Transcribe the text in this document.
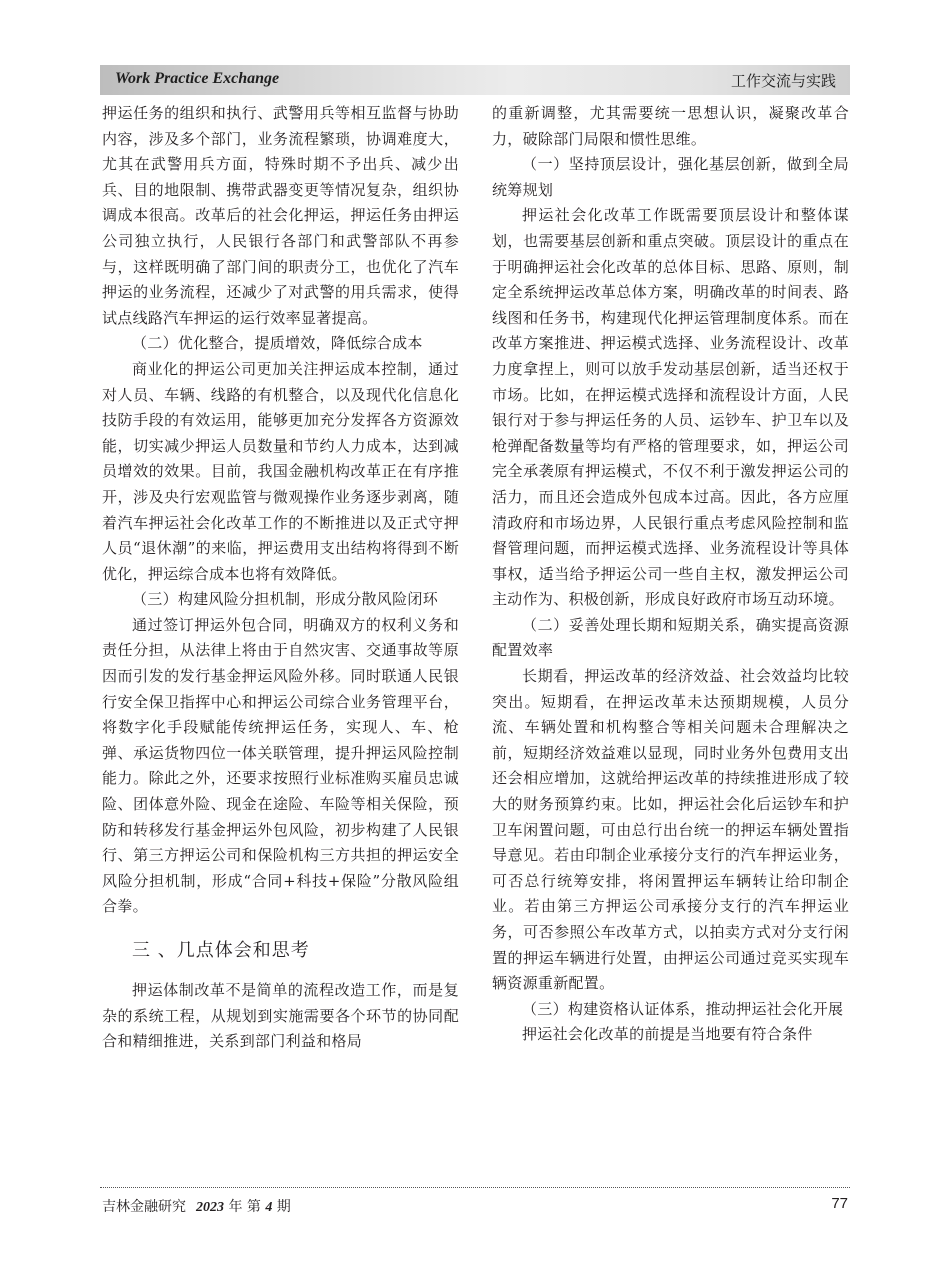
Work Practice Exchange	工作交流与实践

押运任务的组织和执行、武警用兵等相互监督与协助内容，涉及多个部门，业务流程繁琐，协调难度大，尤其在武警用兵方面，特殊时期不予出兵、减少出兵、目的地限制、携带武器变更等情况复杂，组织协调成本很高。改革后的社会化押运，押运任务由押运公司独立执行，人民银行各部门和武警部队不再参与，这样既明确了部门间的职责分工，也优化了汽车押运的业务流程，还减少了对武警的用兵需求，使得试点线路汽车押运的运行效率显著提高。

（二）优化整合，提质增效，降低综合成本

商业化的押运公司更加关注押运成本控制，通过对人员、车辆、线路的有机整合，以及现代化信息化技防手段的有效运用，能够更加充分发挥各方资源效能，切实减少押运人员数量和节约人力成本，达到减员增效的效果。目前，我国金融机构改革正在有序推开，涉及央行宏观监管与微观操作业务逐步剥离，随着汽车押运社会化改革工作的不断推进以及正式守押人员“退休潮”的来临，押运费用支出结构将得到不断优化，押运综合成本也将有效降低。

（三）构建风险分担机制，形成分散风险闭环

通过签订押运外包合同，明确双方的权利义务和责任分担，从法律上将由于自然灾害、交通事故等原因而引发的发行基金押运风险外移。同时联通人民银行安全保卫指挥中心和押运公司综合业务管理平台，将数字化手段赋能传统押运任务，实现人、车、枪弹、承运货物四位一体关联管理，提升押运风险控制能力。除此之外，还要求按照行业标准购买雇员忠诚险、团体意外险、现金在途险、车险等相关保险，预防和转移发行基金押运外包风险，初步构建了人民银行、第三方押运公司和保险机构三方共担的押运安全风险分担机制，形成“合同+科技+保险”分散风险组合拳。

三 、几点体会和思考

押运体制改革不是简单的流程改造工作，而是复杂的系统工程，从规划到实施需要各个环节的协同配合和精细推进，关系到部门利益和格局

的重新调整，尤其需要统一思想认识，凝聚改革合力，破除部门局限和惯性思维。

（一）坚持顶层设计，强化基层创新，做到全局统筹规划

押运社会化改革工作既需要顶层设计和整体谋划，也需要基层创新和重点突破。顶层设计的重点在于明确押运社会化改革的总体目标、思路、原则，制定全系统押运改革总体方案，明确改革的时间表、路线图和任务书，构建现代化押运管理制度体系。而在改革方案推进、押运模式选择、业务流程设计、改革力度拿捏上，则可以放手发动基层创新，适当还权于市场。比如，在押运模式选择和流程设计方面，人民银行对于参与押运任务的人员、运钞车、护卫车以及枪弹配备数量等均有严格的管理要求，如，押运公司完全承袭原有押运模式，不仅不利于激发押运公司的活力，而且还会造成外包成本过高。因此，各方应厘清政府和市场边界，人民银行重点考虑风险控制和监督管理问题，而押运模式选择、业务流程设计等具体事权，适当给予押运公司一些自主权，激发押运公司主动作为、积极创新，形成良好政府市场互动环境。

（二）妥善处理长期和短期关系，确实提高资源配置效率

长期看，押运改革的经济效益、社会效益均比较突出。短期看，在押运改革未达预期规模，人员分流、车辆处置和机构整合等相关问题未合理解决之前，短期经济效益难以显现，同时业务外包费用支出还会相应增加，这就给押运改革的持续推进形成了较大的财务预算约束。比如，押运社会化后运钞车和护卫车闲置问题，可由总行出台统一的押运车辆处置指导意见。若由印制企业承接分支行的汽车押运业务，可否总行统筹安排，将闲置押运车辆转让给印制企业。若由第三方押运公司承接分支行的汽车押运业务，可否参照公车改革方式，以拍卖方式对分支行闲置的押运车辆进行处置，由押运公司通过竞买实现车辆资源重新配置。

（三）构建资格认证体系，推动押运社会化开展

押运社会化改革的前提是当地要有符合条件

吉林金融研究 2023 年 第 4 期	77
